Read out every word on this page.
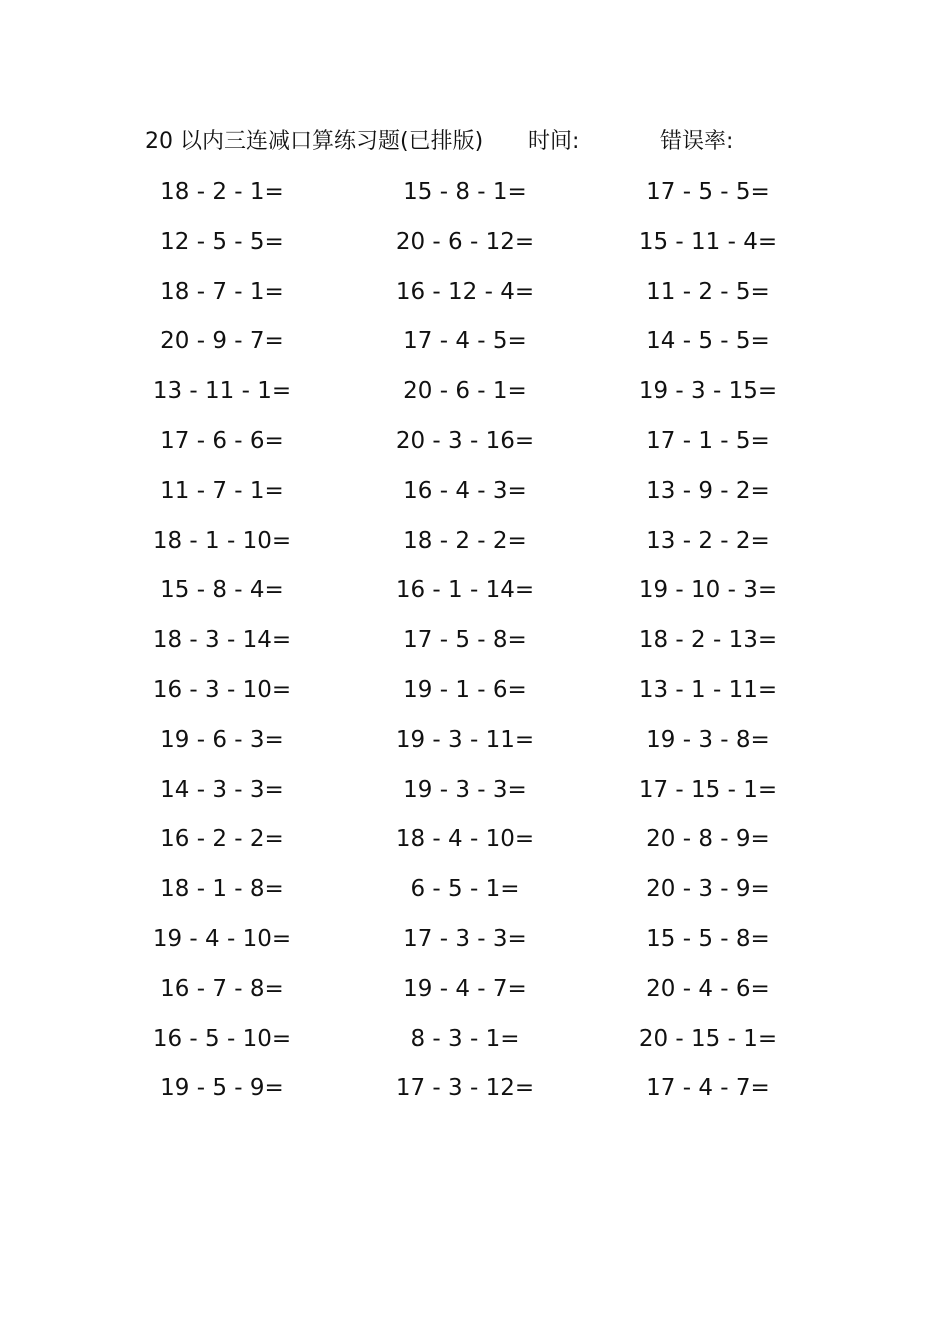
20 以内三连减口算练习题(已排版) 时间:	错误率:
18 - 2 - 1=	15 - 8 - 1=	17 - 5 - 5=
12 - 5 - 5=	20 - 6 - 12=	15 - 11 - 4=
18 - 7 - 1=	16 - 12 - 4=	11 - 2 - 5=
20 - 9 - 7=	17 - 4 - 5=	14 - 5 - 5=
13 - 11 - 1=	20 - 6 - 1=	19 - 3 - 15=
17 - 6 - 6=	20 - 3 - 16=	17 - 1 - 5=
11 - 7 - 1=	16 - 4 - 3=	13 - 9 - 2=
18 - 1 - 10=	18 - 2 - 2=	13 - 2 - 2=
15 - 8 - 4=	16 - 1 - 14=	19 - 10 - 3=
18 - 3 - 14=	17 - 5 - 8=	18 - 2 - 13=
16 - 3 - 10=	19 - 1 - 6=	13 - 1 - 11=
19 - 6 - 3=	19 - 3 - 11=	19 - 3 - 8=
14 - 3 - 3=	19 - 3 - 3=	17 - 15 - 1=
16 - 2 - 2=	18 - 4 - 10=	20 - 8 - 9=
18 - 1 - 8=	6 - 5 - 1=	20 - 3 - 9=
19 - 4 - 10=	17 - 3 - 3=	15 - 5 - 8=
16 - 7 - 8=	19 - 4 - 7=	20 - 4 - 6=
16 - 5 - 10=	8 - 3 - 1=	20 - 15 - 1=
19 - 5 - 9=	17 - 3 - 12=	17 - 4 - 7=
